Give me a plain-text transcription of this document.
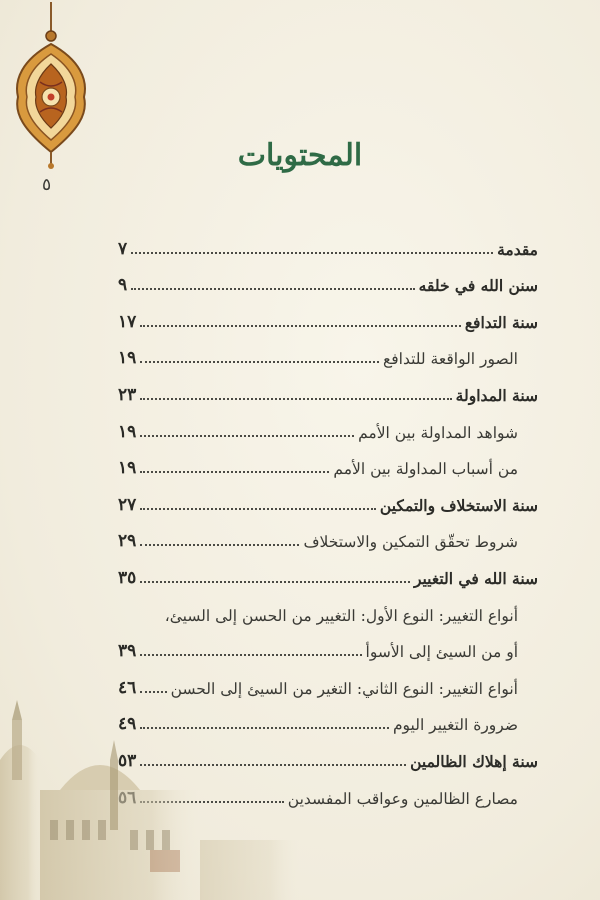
٥
المحتويات
مقدمة
٧
سنن الله في خلقه
٩
سنة التدافع
١٧
الصور الواقعة للتدافع
١٩
سنة المداولة
٢٣
شواهد المداولة بين الأمم
١٩
من أسباب المداولة بين الأمم
١٩
سنة الاستخلاف والتمكين
٢٧
شروط تحقّق التمكين والاستخلاف
٢٩
سنة الله في التغيير
٣٥
أنواع التغيير: النوع الأول: التغيير من الحسن إلى السيئ،
أو من السيئ إلى الأسوأ
٣٩
أنواع التغيير: النوع الثاني: التغير من السيئ إلى الحسن
٤٦
ضرورة التغيير اليوم
٤٩
سنة إهلاك الظالمين
٥٣
مصارع الظالمين وعواقب المفسدين
